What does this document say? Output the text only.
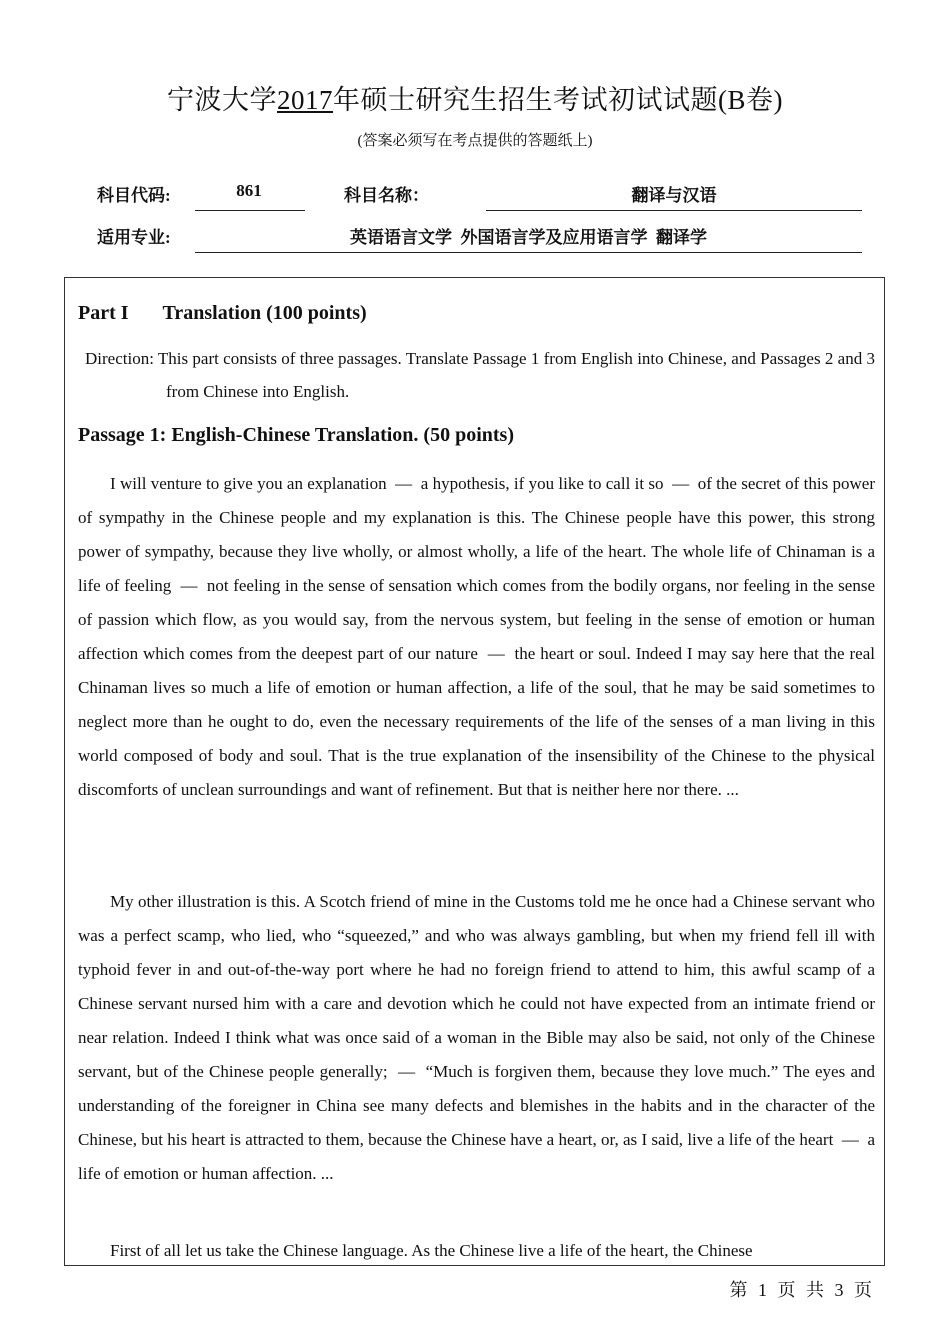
宁波大学2017年硕士研究生招生考试初试试题(B卷)
(答案必须写在考点提供的答题纸上)
科目代码:	861	科目名称：	翻译与汉语
适用专业:	英语语言文学  外国语言学及应用语言学  翻译学
Part I Translation (100 points)
Direction: This part consists of three passages. Translate Passage 1 from English into Chinese, and Passages 2 and 3 from Chinese into English.
Passage 1: English-Chinese Translation. (50 points)
I will venture to give you an explanation  —  a hypothesis, if you like to call it so  —  of the secret of this power of sympathy in the Chinese people and my explanation is this. The Chinese people have this power, this strong power of sympathy, because they live wholly, or almost wholly, a life of the heart. The whole life of Chinaman is a life of feeling  —  not feeling in the sense of sensation which comes from the bodily organs, nor feeling in the sense of passion which flow, as you would say, from the nervous system, but feeling in the sense of emotion or human affection which comes from the deepest part of our nature  —  the heart or soul. Indeed I may say here that the real Chinaman lives so much a life of emotion or human affection, a life of the soul, that he may be said sometimes to neglect more than he ought to do, even the necessary requirements of the life of the senses of a man living in this world composed of body and soul. That is the true explanation of the insensibility of the Chinese to the physical discomforts of unclean surroundings and want of refinement. But that is neither here nor there. ...
My other illustration is this. A Scotch friend of mine in the Customs told me he once had a Chinese servant who was a perfect scamp, who lied, who “squeezed,” and who was always gambling, but when my friend fell ill with typhoid fever in and out-of-the-way port where he had no foreign friend to attend to him, this awful scamp of a Chinese servant nursed him with a care and devotion which he could not have expected from an intimate friend or near relation. Indeed I think what was once said of a woman in the Bible may also be said, not only of the Chinese servant, but of the Chinese people generally;  —  “Much is forgiven them, because they love much.” The eyes and understanding of the foreigner in China see many defects and blemishes in the habits and in the character of the Chinese, but his heart is attracted to them, because the Chinese have a heart, or, as I said, live a life of the heart  —  a life of emotion or human affection. ...
First of all let us take the Chinese language. As the Chinese live a life of the heart, the Chinese
第 1 页 共 3 页
